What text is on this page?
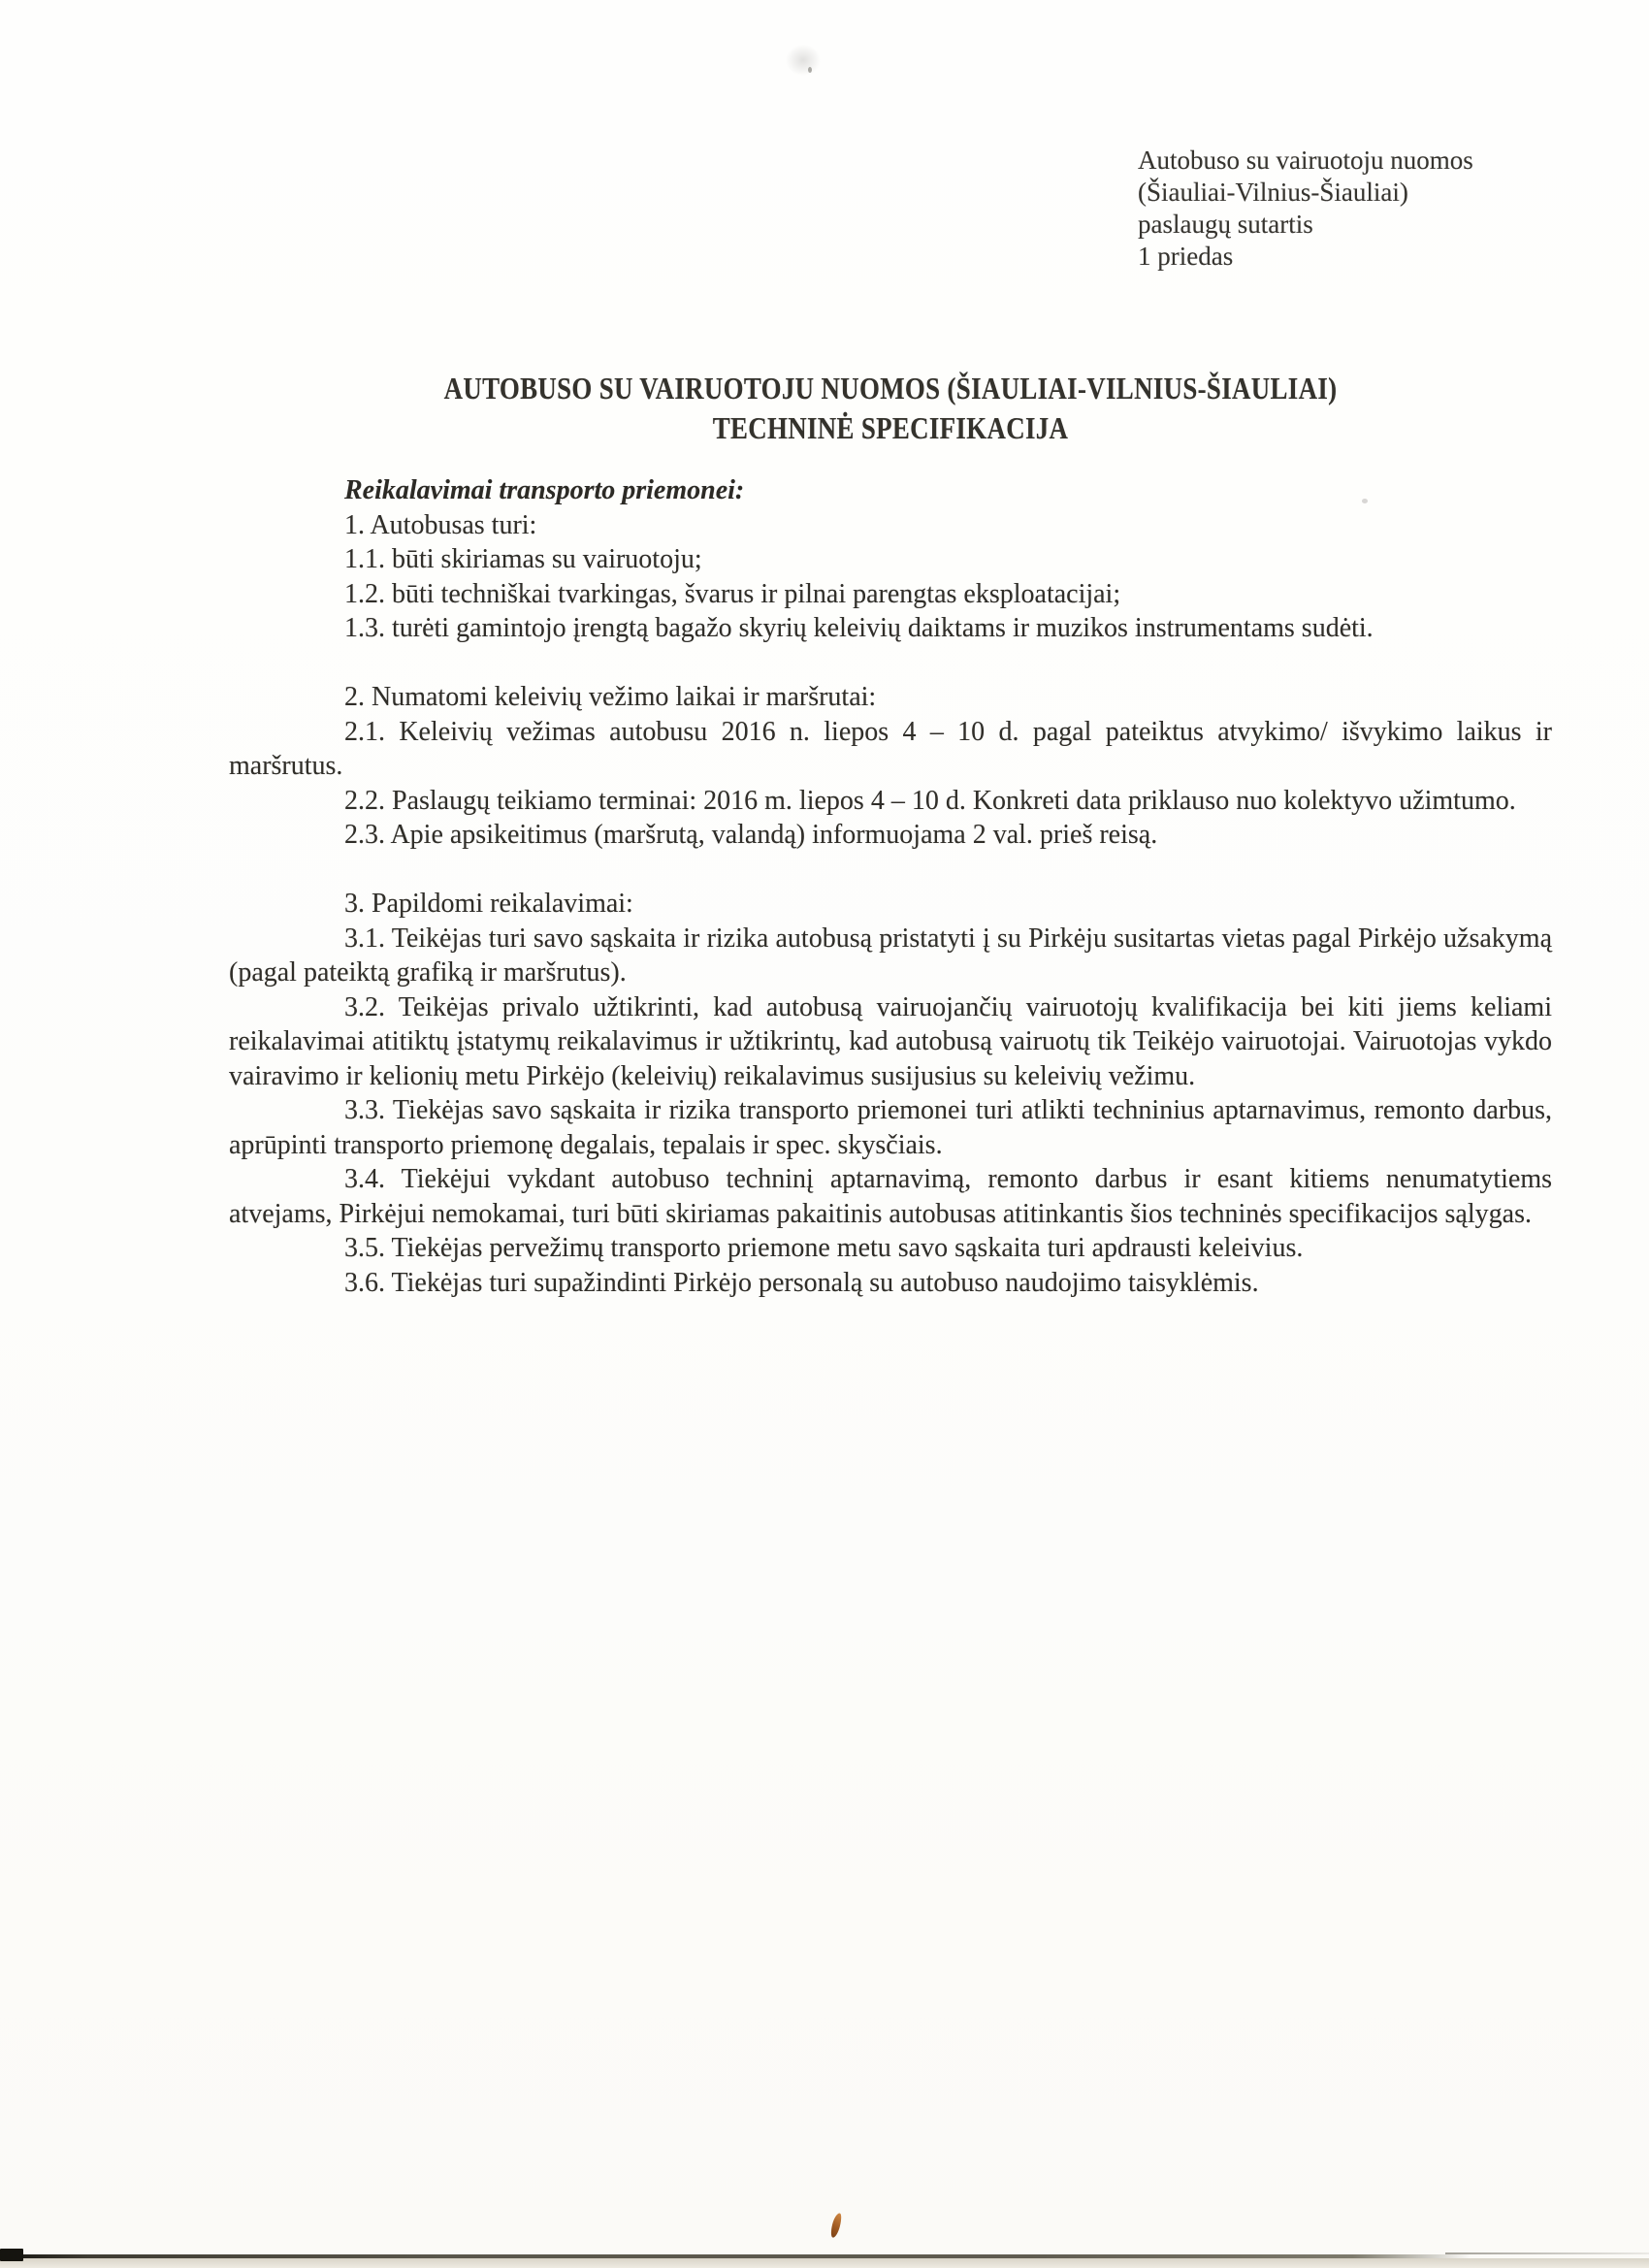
Autobuso su vairuotoju nuomos
(Šiauliai-Vilnius-Šiauliai)
paslaugų sutartis
1 priedas
AUTOBUSO SU VAIRUOTOJU NUOMOS (ŠIAULIAI-VILNIUS-ŠIAULIAI)
TECHNINĖ SPECIFIKACIJA

Reikalavimai transporto priemonei:

1. Autobusas turi:

1.1. būti skiriamas su vairuotoju;

1.2. būti techniškai tvarkingas, švarus ir pilnai parengtas eksploatacijai;

1.3. turėti gamintojo įrengtą bagažo skyrių keleivių daiktams ir muzikos instrumentams sudėti.

2. Numatomi keleivių vežimo laikai ir maršrutai:

2.1. Keleivių vežimas autobusu 2016 n. liepos 4 – 10 d. pagal pateiktus atvykimo/ išvykimo laikus ir maršrutus.

2.2. Paslaugų teikiamo terminai: 2016 m. liepos 4 – 10 d. Konkreti data priklauso nuo kolektyvo užimtumo.

2.3. Apie apsikeitimus (maršrutą, valandą) informuojama 2 val. prieš reisą.

3. Papildomi reikalavimai:

3.1. Teikėjas turi savo sąskaita ir rizika autobusą pristatyti į su Pirkėju susitartas vietas pagal Pirkėjo užsakymą (pagal pateiktą grafiką ir maršrutus).

3.2. Teikėjas privalo užtikrinti, kad autobusą vairuojančių vairuotojų kvalifikacija bei kiti jiems keliami reikalavimai atitiktų įstatymų reikalavimus ir užtikrintų, kad autobusą vairuotų tik Teikėjo vairuotojai. Vairuotojas vykdo vairavimo ir kelionių metu Pirkėjo (keleivių) reikalavimus susijusius su keleivių vežimu.

3.3. Tiekėjas savo sąskaita ir rizika transporto priemonei turi atlikti techninius aptarnavimus, remonto darbus, aprūpinti transporto priemonę degalais, tepalais ir spec. skysčiais.

3.4. Tiekėjui vykdant autobuso techninį aptarnavimą, remonto darbus ir esant kitiems nenumatytiems atvejams, Pirkėjui nemokamai, turi būti skiriamas pakaitinis autobusas atitinkantis šios techninės specifikacijos sąlygas.

3.5. Tiekėjas pervežimų transporto priemone metu savo sąskaita turi apdrausti keleivius.

3.6. Tiekėjas turi supažindinti Pirkėjo personalą su autobuso naudojimo taisyklėmis.
